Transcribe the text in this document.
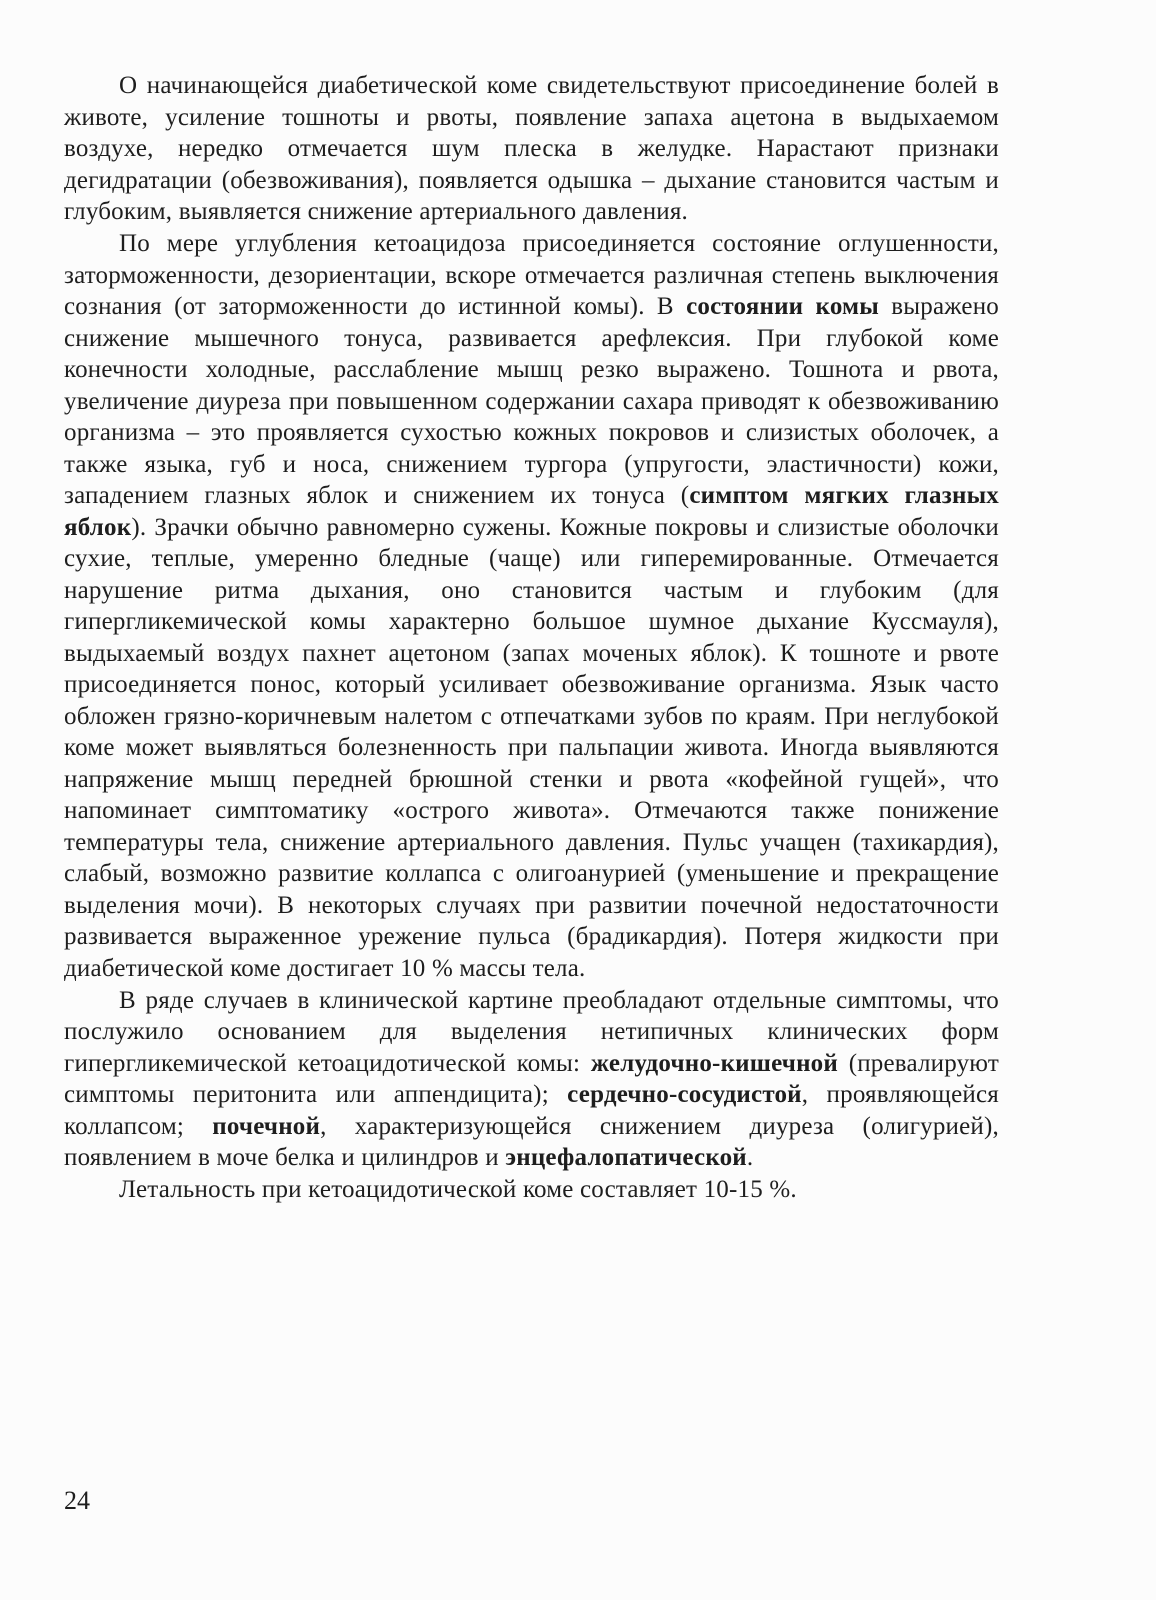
О начинающейся диабетической коме свидетельствуют присоединение болей в животе, усиление тошноты и рвоты, появление запаха ацетона в выдыхаемом воздухе, нередко отмечается шум плеска в желудке. Нарастают признаки дегидратации (обезвоживания), появляется одышка – дыхание становится частым и глубоким, выявляется снижение артериального давления.

По мере углубления кетоацидоза присоединяется состояние оглушенности, заторможенности, дезориентации, вскоре отмечается различная степень выключения сознания (от заторможенности до истинной комы). В состоянии комы выражено снижение мышечного тонуса, развивается арефлексия. При глубокой коме конечности холодные, расслабление мышц резко выражено. Тошнота и рвота, увеличение диуреза при повышенном содержании сахара приводят к обезвоживанию организма – это проявляется сухостью кожных покровов и слизистых оболочек, а также языка, губ и носа, снижением тургора (упругости, эластичности) кожи, западением глазных яблок и снижением их тонуса (симптом мягких глазных яблок). Зрачки обычно равномерно сужены. Кожные покровы и слизистые оболочки сухие, теплые, умеренно бледные (чаще) или гиперемированные. Отмечается нарушение ритма дыхания, оно становится частым и глубоким (для гипергликемической комы характерно большое шумное дыхание Куссмауля), выдыхаемый воздух пахнет ацетоном (запах моченых яблок). К тошноте и рвоте присоединяется понос, который усиливает обезвоживание организма. Язык часто обложен грязно-коричневым налетом с отпечатками зубов по краям. При неглубокой коме может выявляться болезненность при пальпации живота. Иногда выявляются напряжение мышц передней брюшной стенки и рвота «кофейной гущей», что напоминает симптоматику «острого живота». Отмечаются также понижение температуры тела, снижение артериального давления. Пульс учащен (тахикардия), слабый, возможно развитие коллапса с олигоанурией (уменьшение и прекращение выделения мочи). В некоторых случаях при развитии почечной недостаточности развивается выраженное урежение пульса (брадикардия). Потеря жидкости при диабетической коме достигает 10 % массы тела.

В ряде случаев в клинической картине преобладают отдельные симптомы, что послужило основанием для выделения нетипичных клинических форм гипергликемической кетоацидотической комы: желудочно-кишечной (превалируют симптомы перитонита или аппендицита); сердечно-сосудистой, проявляющейся коллапсом; почечной, характеризующейся снижением диуреза (олигурией), появлением в моче белка и цилиндров и энцефалопатической.

Летальность при кетоацидотической коме составляет 10-15 %.

24
